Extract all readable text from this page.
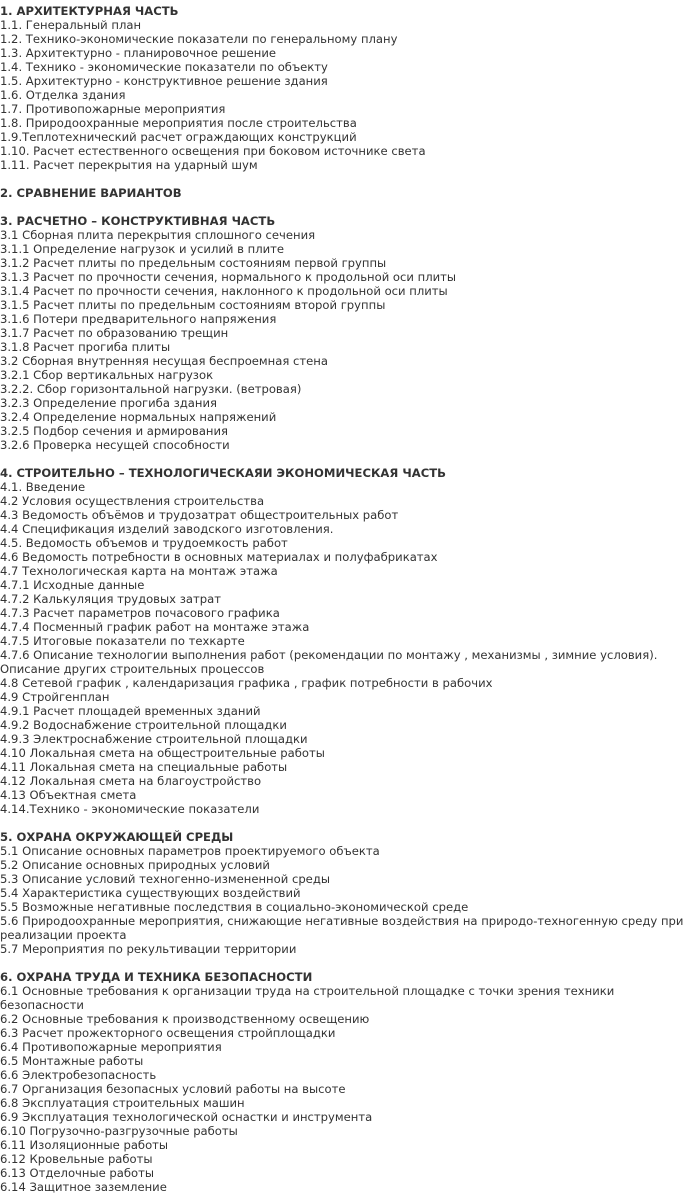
1. АРХИТЕКТУРНАЯ ЧАСТЬ
1.1. Генеральный план
1.2. Технико-экономические показатели по генеральному плану
1.3. Архитектурно - планировочное решение
1.4. Технико - экономические показатели по объекту
1.5. Архитектурно - конструктивное решение здания
1.6. Отделка здания
1.7. Противопожарные мероприятия
1.8. Природоохранные мероприятия после строительства
1.9.Теплотехнический расчет ограждающих конструкций
1.10. Расчет естественного освещения при боковом источнике света
1.11. Расчет перекрытия на ударный шум
2. СРАВНЕНИЕ ВАРИАНТОВ
3. РАСЧЕТНО – КОНСТРУКТИВНАЯ ЧАСТЬ
3.1 Сборная плита перекрытия сплошного сечения
3.1.1 Определение нагрузок и усилий в плите
3.1.2 Расчет плиты по предельным состояниям первой группы
3.1.3 Расчет по прочности сечения, нормального к продольной оси плиты
3.1.4 Расчет по прочности сечения, наклонного к продольной оси плиты
3.1.5 Расчет плиты по предельным состояниям второй группы
3.1.6 Потери предварительного напряжения
3.1.7 Расчет по образованию трещин
3.1.8 Расчет прогиба плиты
3.2 Сборная внутренняя несущая беспроемная стена
3.2.1 Сбор вертикальных нагрузок
3.2.2. Сбор горизонтальной нагрузки. (ветровая)
3.2.3 Определение прогиба здания
3.2.4 Определение нормальных напряжений
3.2.5 Подбор сечения и армирования
3.2.6 Проверка несущей способности
4. СТРОИТЕЛЬНО – ТЕХНОЛОГИЧЕСКАЯИ ЭКОНОМИЧЕСКАЯ ЧАСТЬ
4.1. Введение
4.2 Условия осуществления строительства
4.3 Ведомость объёмов и трудозатрат общестроительных работ
4.4 Спецификация изделий заводского изготовления.
4.5. Ведомость объемов и трудоемкость работ
4.6 Ведомость потребности в основных материалах и полуфабрикатах
4.7 Технологическая карта на монтаж этажа
4.7.1 Исходные данные
4.7.2 Калькуляция трудовых затрат
4.7.3 Расчет параметров почасового графика
4.7.4 Посменный график работ на монтаже этажа
4.7.5 Итоговые показатели по техкарте
4.7.6 Описание технологии выполнения работ (рекомендации по монтажу , механизмы , зимние условия). Описание других строительных процессов
4.8 Сетевой график , календаризация графика , график потребности в рабочих
4.9 Стройгенплан
4.9.1 Расчет площадей временных зданий
4.9.2 Водоснабжение строительной площадки
4.9.3 Электроснабжение строительной площадки
4.10 Локальная смета на общестроительные работы
4.11 Локальная смета на специальные работы
4.12 Локальная смета на благоустройство
4.13 Объектная смета
4.14.Технико - экономические показатели
5. ОХРАНА ОКРУЖАЮЩЕЙ СРЕДЫ
5.1 Описание основных параметров проектируемого объекта
5.2 Описание основных природных условий
5.3 Описание условий техногенно-измененной среды
5.4 Характеристика существующих воздействий
5.5 Возможные негативные последствия в социально-экономической среде
5.6 Природоохранные мероприятия, снижающие негативные воздействия на природо-техногенную среду при реализации проекта
5.7 Мероприятия по рекультивации территории
6. ОХРАНА ТРУДА И ТЕХНИКА БЕЗОПАСНОСТИ
6.1 Основные требования к организации труда на строительной площадке с точки зрения техники безопасности
6.2 Основные требования к производственному освещению
6.3 Расчет прожекторного освещения стройплощадки
6.4 Противопожарные мероприятия
6.5 Монтажные работы
6.6 Электробезопасность
6.7 Организация безопасных условий работы на высоте
6.8 Эксплуатация строительных машин
6.9 Эксплуатация технологической оснастки и инструмента
6.10 Погрузочно-разгрузочные работы
6.11 Изоляционные работы
6.12 Кровельные работы
6.13 Отделочные работы
6.14 Защитное заземление
